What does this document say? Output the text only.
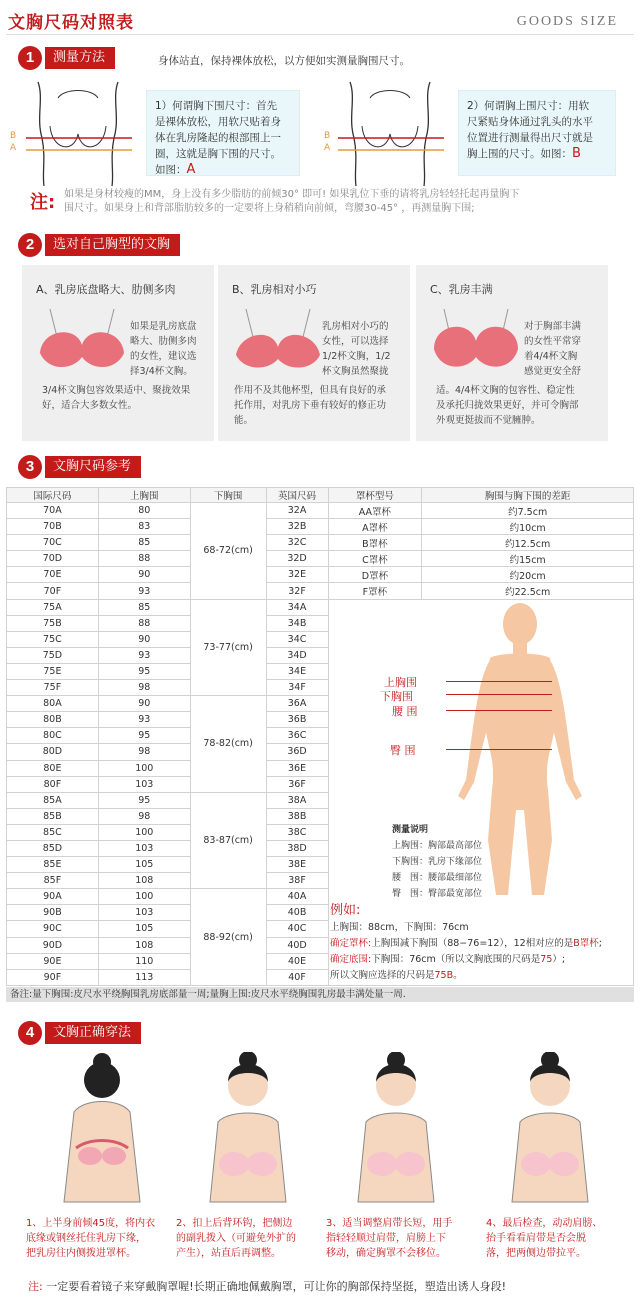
文胸尺码对照表	GOODS SIZE
1	测量方法	身体站直，保持裸体放松，以方便如实测量胸围尺寸。
B
A
1）何谓胸下围尺寸：首先
是裸体放松，用软尺贴着身
体在乳房隆起的根部围上一
圈，这就是胸下围的尺寸。
如图：A
B
A
2）何谓胸上围尺寸：用软
尺紧贴身体通过乳头的水平
位置进行测量得出尺寸就是
胸上围的尺寸。如图：B
注: 如果是身材较瘦的MM，身上没有多少脂肪的前倾30° 即可! 如果乳位下垂的请将乳房轻轻托起再量胸下
围尺寸。如果身上和背部脂肪较多的一定要将上身稍稍向前倾，弯腰30-45° ，再测量胸下围;
2	选对自己胸型的文胸
A、乳房底盘略大、肋侧多肉
如果是乳房底盘
略大、肋侧多肉
的女性，建议选
择3/4杯文胸。
3/4杯文胸包容效果适中、聚拢效果
好，适合大多数女性。
B、乳房相对小巧
乳房相对小巧的
女性，可以选择
1/2杯文胸，1/2
杯文胸虽然聚拢
作用不及其他杯型，但具有良好的承
托作用，对乳房下垂有较好的修正功
能。
C、乳房丰满
对于胸部丰满
的女性平常穿
着4/4杯文胸
感觉更安全舒
适。4/4杯文胸的包容性、稳定性
及承托归拢效果更好，并可令胸部
外观更挺拔而不觉臃肿。
3	文胸尺码参考
国际尺码	上胸围	下胸围	英国尺码	罩杯型号	胸围与胸下围的差距
70A	80	68-72(cm)	32A	AA罩杯	约7.5cm
70B	83		32B	A罩杯	约10cm
70C	85		32C	B罩杯	约12.5cm
70D	88		32D	C罩杯	约15cm
70E	90		32E	D罩杯	约20cm
70F	93		32F	F罩杯	约22.5cm
75A	85	73-77(cm)	34A		
75B	88		34B		
75C	90		34C		
75D	93		34D		
75E	95		34E		
75F	98		34F		
80A	90	78-82(cm)	36A		
80B	93		36B		
80C	95		36C		
80D	98		36D		
80E	100		36E		
80F	103		36F		
85A	95	83-87(cm)	38A		
85B	98		38B		
85C	100		38C		
85D	103		38D		
85E	105		38E		
85F	108		38F		
90A	100	88-92(cm)	40A		
90B	103		40B		
90C	105		40C		
90D	108		40D		
90E	110		40E		
90F	113		40F		
上胸围
下胸围
腰 围
臀 围
测量说明
上胸围：胸部最高部位
下胸围：乳房下缘部位
腰　围：腰部最细部位
臀　围：臀部最宽部位
例如:
上胸围：88cm，下胸围：76cm
确定罩杯:上胸围减下胸围（88−76=12），12相对应的是B罩杯;
确定底围:下胸围：76cm（所以文胸底围的尺码是75）;
所以文胸应选择的尺码是75B。
备注:量下胸围:皮尺水平绕胸围乳房底部量一周;量胸上围:皮尺水平绕胸围乳房最丰满处量一周.
4	文胸正确穿法
1、上半身前倾45度，将内衣
底缘或钢丝托住乳房下缘，
把乳房往内侧拨进罩杯。
2、扣上后背环钩，把侧边
的副乳拨入（可避免外扩的
产生），站直后再调整。
3、适当调整肩带长短，用手
指轻轻顺过肩带，肩膀上下
移动，确定胸罩不会移位。
4、最后检查，动动肩膀、
抬手看看肩带是否会脱
落，把两侧边带拉平。
注: 一定要看着镜子来穿戴胸罩喔!长期正确地佩戴胸罩，可让你的胸部保持坚挺，塑造出诱人身段!
